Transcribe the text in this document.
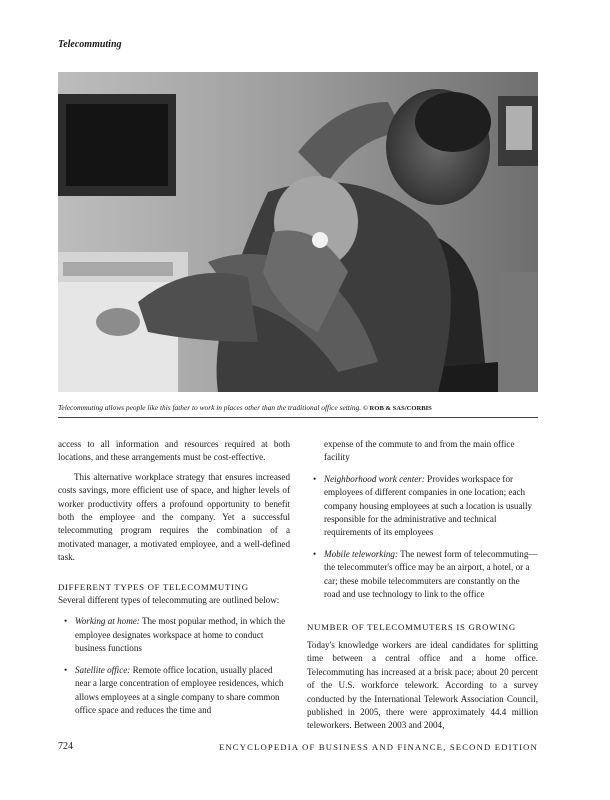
Telecommuting
Telecommuting allows people like this father to work in places other than the traditional office setting. © ROB & SAS/CORBIS

access to all information and resources required at both locations, and these arrangements must be cost-effective.

This alternative workplace strategy that ensures increased costs savings, more efficient use of space, and higher levels of worker productivity offers a profound opportunity to benefit both the employee and the company. Yet a successful telecommuting program requires the combination of a motivated manager, a motivated employee, and a well-defined task.

DIFFERENT TYPES OF TELECOMMUTING

Several different types of telecommuting are outlined below:

• Working at home: The most popular method, in which the employee designates workspace at home to conduct business functions
• Satellite office: Remote office location, usually placed near a large concentration of employee residences, which allows employees at a single company to share common office space and reduces the time and
expense of the commute to and from the main office facility
• Neighborhood work center: Provides workspace for employees of different companies in one location; each company housing employees at such a location is usually responsible for the administrative and technical requirements of its employees
• Mobile teleworking: The newest form of telecommuting—the telecommuter's office may be an airport, a hotel, or a car; these mobile telecommuters are constantly on the road and use technology to link to the office
NUMBER OF TELECOMMUTERS IS GROWING

Today's knowledge workers are ideal candidates for splitting time between a central office and a home office. Telecommuting has increased at a brisk pace; about 20 percent of the U.S. workforce telework. According to a survey conducted by the International Telework Association Council, published in 2005, there were approximately 44.4 million teleworkers. Between 2003 and 2004,

724	ENCYCLOPEDIA OF BUSINESS AND FINANCE, SECOND EDITION
